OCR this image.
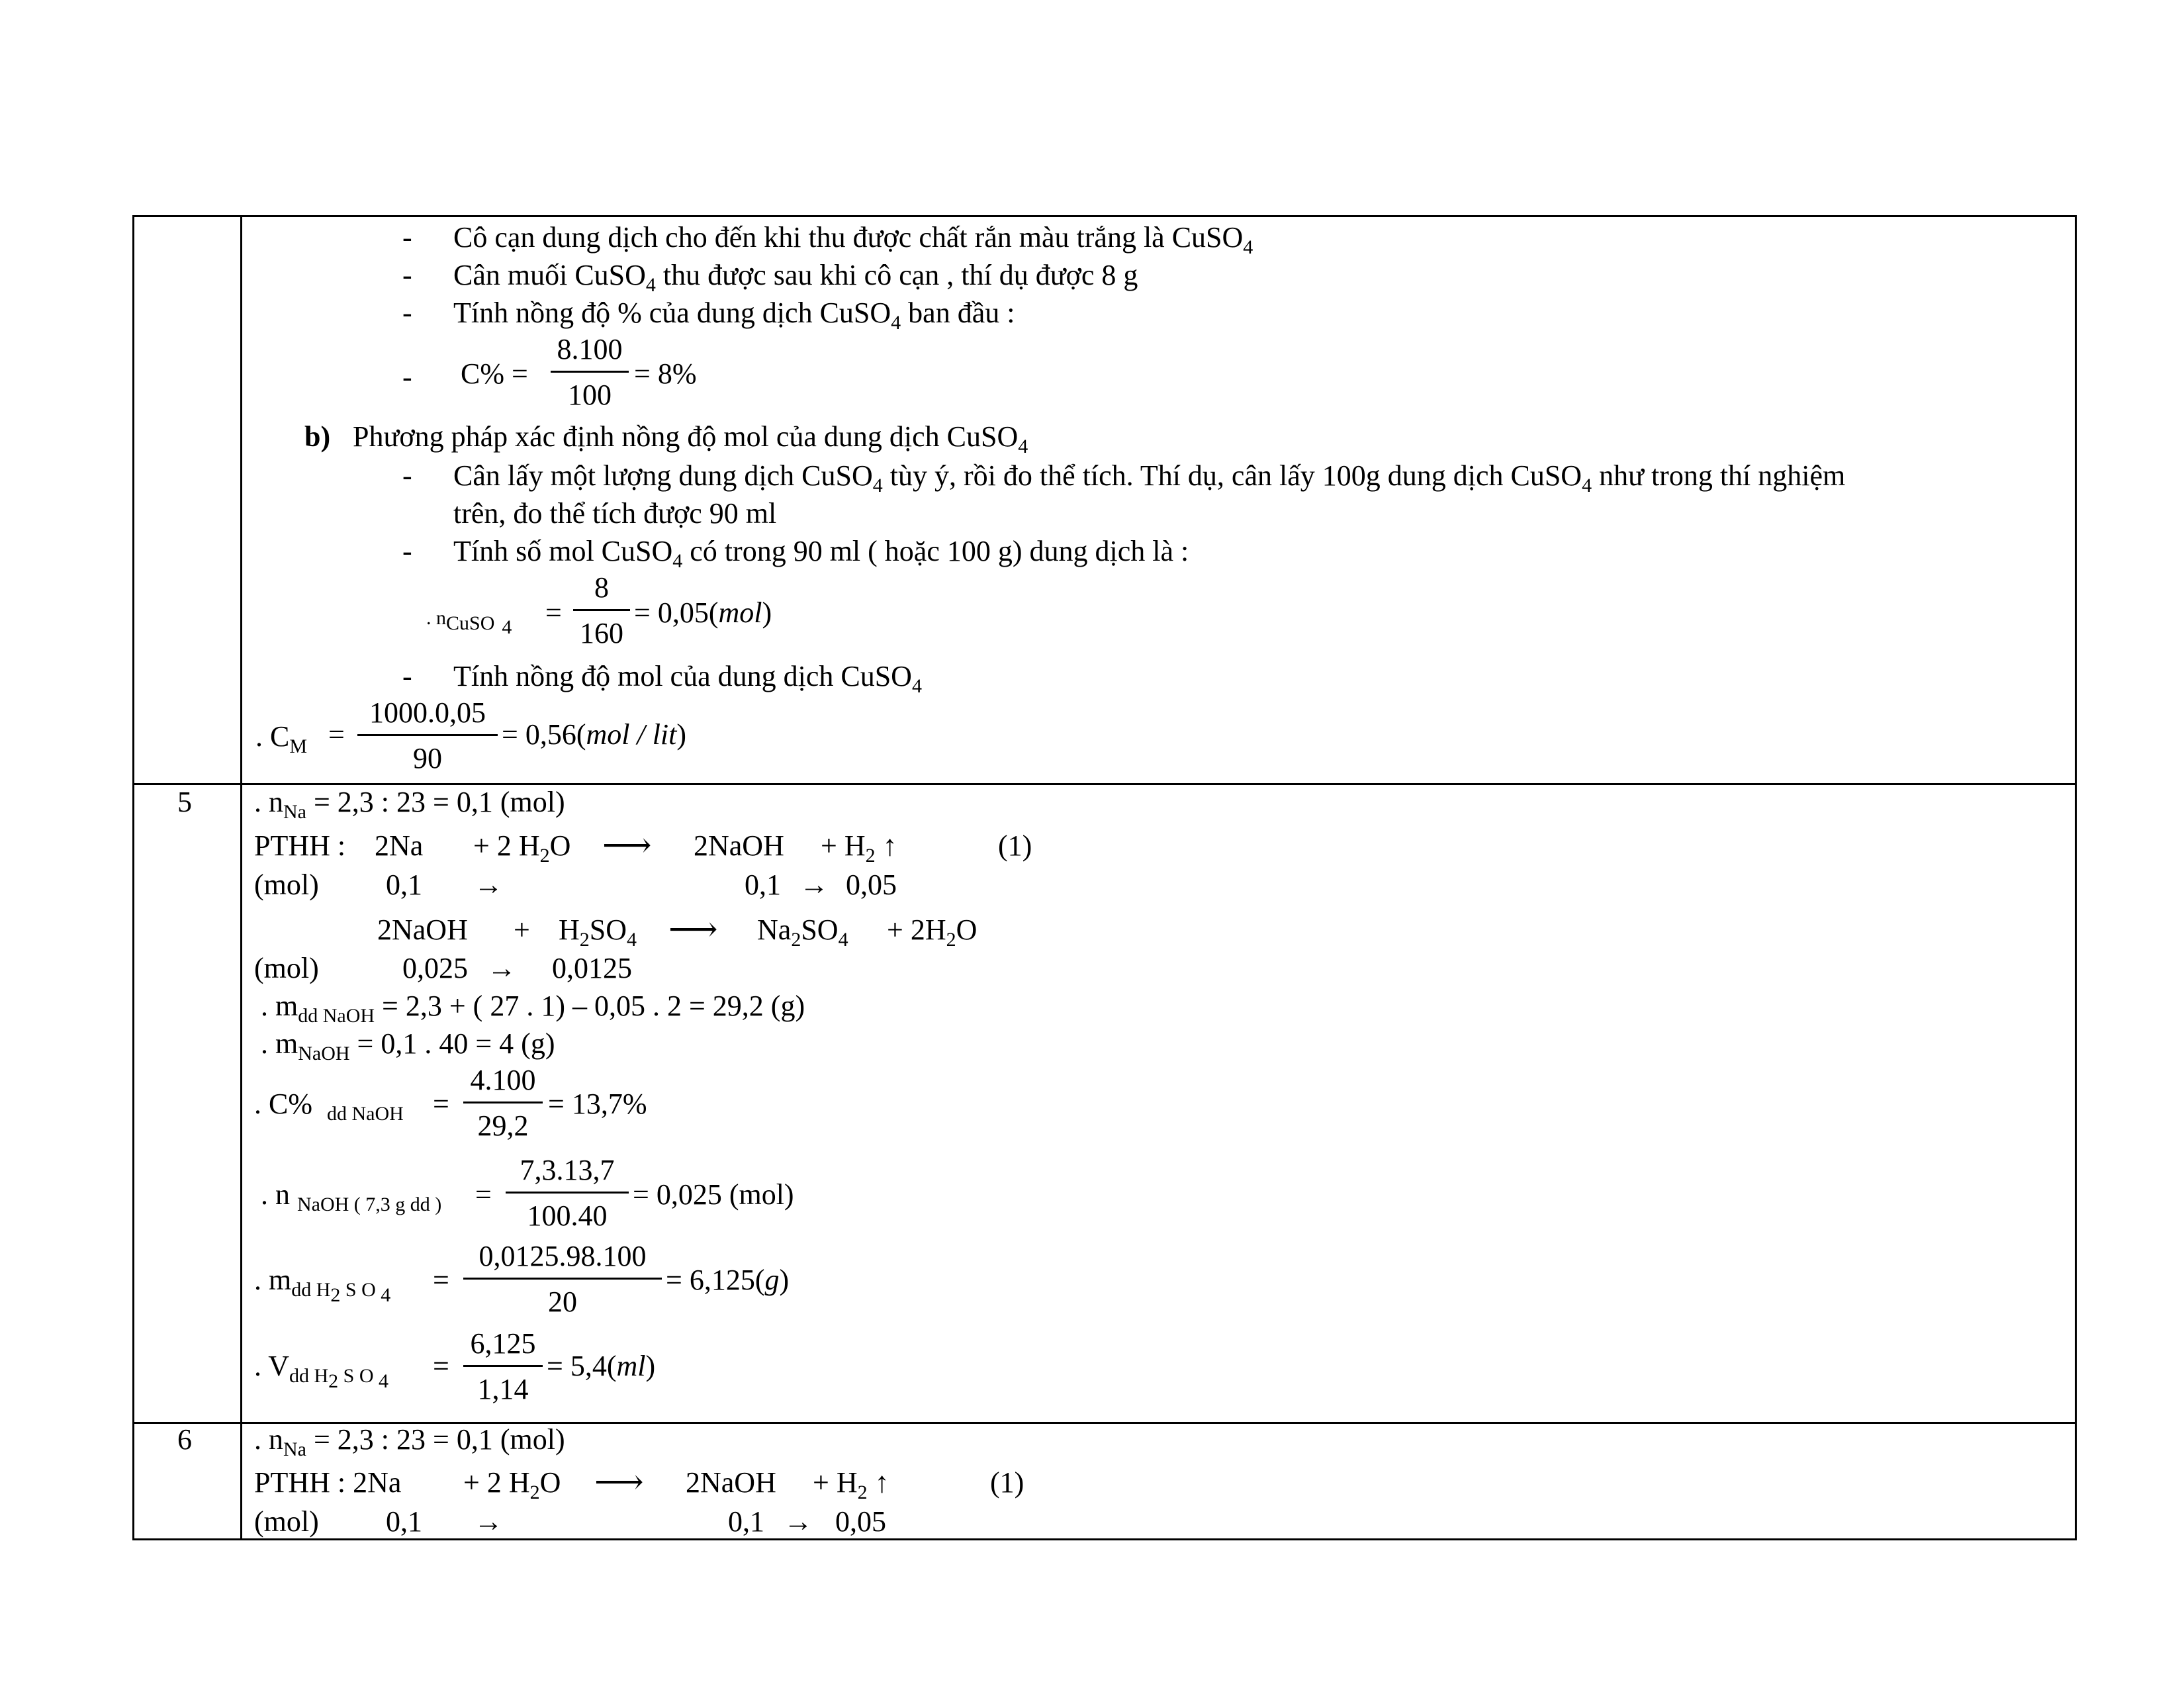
- Cô cạn dung dịch cho đến khi thu được chất rắn màu trắng là CuSO$_4$
- Cân muối CuSO$_4$ thu được sau khi cô cạn , thí dụ được 8 g
- Tính nồng độ % của dung dịch CuSO$_4$ ban đầu :
- C% =
8.100
100
= 8%
b) Phương pháp xác định nồng độ mol của dung dịch CuSO$_4$
- Cân lấy một lượng dung dịch CuSO$_4$ tùy ý, rồi đo thể tích. Thí dụ, cân lấy 100g dung dịch CuSO$_4$ như trong thí nghiệm
trên, đo thể tích được 90 ml
- Tính số mol CuSO$_4$ có trong 90 ml ( hoặc 100 g) dung dịch là :
. nCuSO $_4$ =
8
160
= 0,05(mol)
- Tính nồng độ mol của dung dịch CuSO$_4$
. $C_M$ =
1000.0,05
90
= 0,56(mol / lit)
5 . $n_{Na} = 2,3$ : 23 = 0,1 (mol)
PTHH : 2Na + 2 $H_2O$ ⟶ 2NaOH + $H_2$ ↑	(1)
(mol) 0,1 →	0,1 → 0,05
2NaOH + $H_2SO_4$ ⟶ $Na_2SO_4 + 2H_2O$
(mol)	0,025 → 0,0125
. $m_{dd NaOH} = 2,3$ + ( 27 . 1) – 0,05 . 2 = 29,2 (g)
. $m_{NaOH} = 0,1$ . 40 = 4 (g)
. C% $_{dd NaOH}$ =
4.100
29,2
= 13,7%
. n $_{NaOH ( 7,3 g dd )}$ =
7,3.13,7
100.40
= 0,025 (mol)
. $m_{dd H2}$ $_{S O}$ $_4$ =
0,0125.98.100
20
= 6,125(g)
. $V_{dd H2}$ $_{S O}$ $_4$ =
6,125
1,14
= 5,4(ml)
6 . $n_{Na} = 2,3$ : 23 = 0,1 (mol)
PTHH : 2Na + 2 $H_2O$ ⟶ 2NaOH + $H_2$ ↑	(1)
(mol) 0,1 →	0,1 → 0,05
